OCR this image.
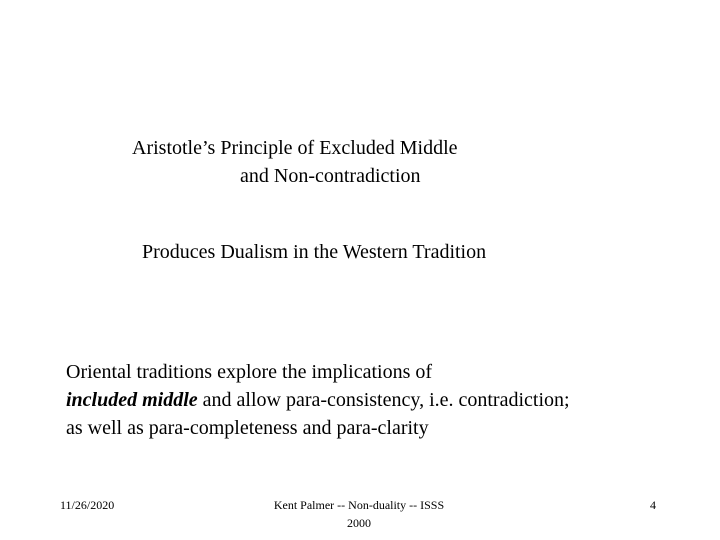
Aristotle’s Principle of Excluded Middle
and Non-contradiction
Produces Dualism in the Western Tradition
Oriental traditions explore the implications of
included middle and allow para-consistency, i.e. contradiction;
as well as para-completeness and para-clarity
11/26/2020	Kent Palmer -- Non-duality -- ISSS
2000
4
